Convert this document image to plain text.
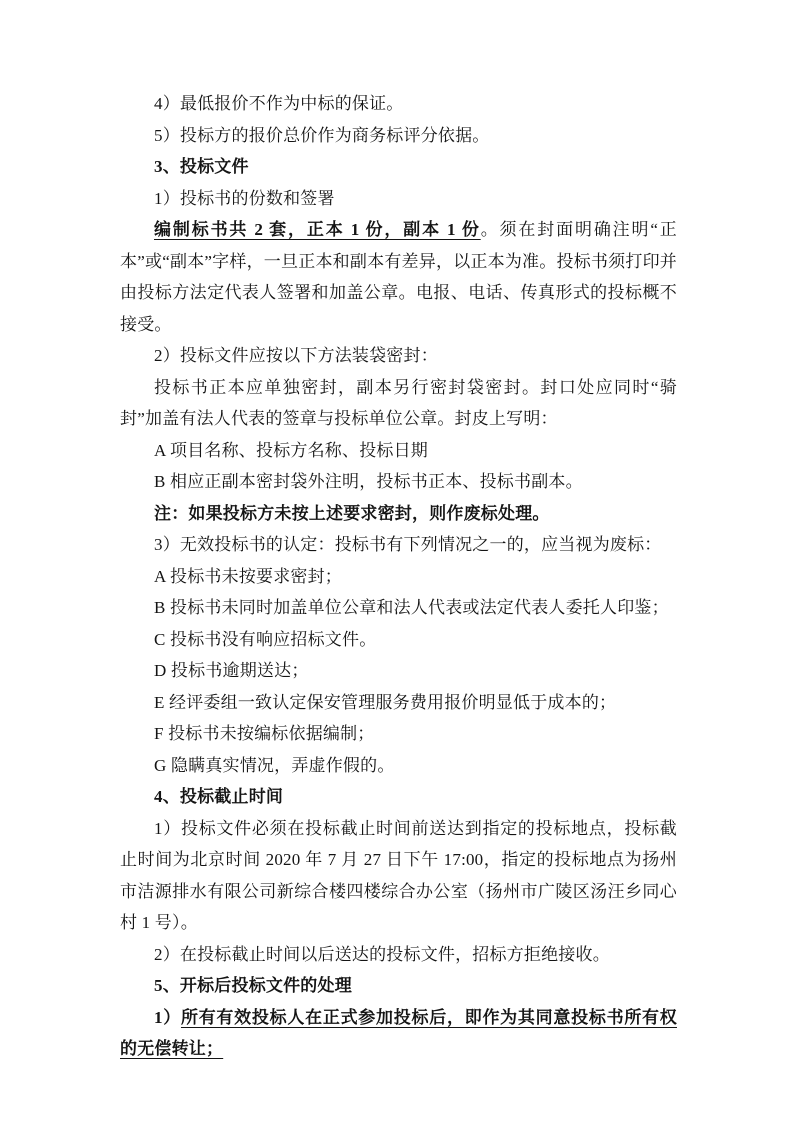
4）最低报价不作为中标的保证。

5）投标方的报价总价作为商务标评分依据。

3、投标文件

1）投标书的份数和签署

编制标书共 2 套，正本 1 份，副本 1 份。须在封面明确注明“正本”或“副本”字样，一旦正本和副本有差异，以正本为准。投标书须打印并由投标方法定代表人签署和加盖公章。电报、电话、传真形式的投标概不接受。

2）投标文件应按以下方法装袋密封：

投标书正本应单独密封，副本另行密封袋密封。封口处应同时“骑封”加盖有法人代表的签章与投标单位公章。封皮上写明：

A 项目名称、投标方名称、投标日期

B 相应正副本密封袋外注明，投标书正本、投标书副本。

注：如果投标方未按上述要求密封，则作废标处理。

3）无效投标书的认定：投标书有下列情况之一的，应当视为废标：

A 投标书未按要求密封；

B 投标书未同时加盖单位公章和法人代表或法定代表人委托人印鉴；

C 投标书没有响应招标文件。

D 投标书逾期送达；

E 经评委组一致认定保安管理服务费用报价明显低于成本的；

F 投标书未按编标依据编制；

G 隐瞒真实情况，弄虚作假的。

4、投标截止时间

1）投标文件必须在投标截止时间前送达到指定的投标地点，投标截止时间为北京时间 2020 年 7 月 27 日下午 17:00，指定的投标地点为扬州市洁源排水有限公司新综合楼四楼综合办公室（扬州市广陵区汤汪乡同心村 1 号）。

2）在投标截止时间以后送达的投标文件，招标方拒绝接收。

5、开标后投标文件的处理

1）所有有效投标人在正式参加投标后，即作为其同意投标书所有权的无偿转让；
